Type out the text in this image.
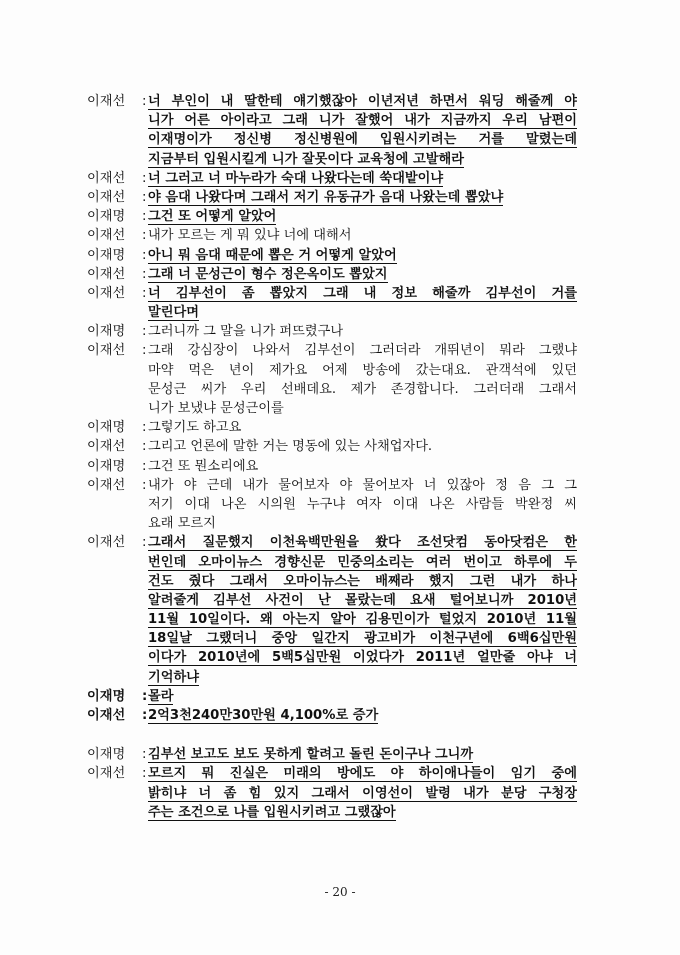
이재선	: 너 부인이 내 딸한테 얘기했잖아 이년저년 하면서 워딩 해줄께 야

니가 어른 아이라고 그래 니가 잘했어 내가 지금까지 우리 남편이

이재명이가 정신병 정신병원에 입원시키려는 거를 말렸는데

지금부터 입원시킬게 니가 잘못이다 교육청에 고발해라

이재선	: 너 그러고 너 마누라가 숙대 나왔다는데 쑥대밭이냐

이재선	: 야 음대 나왔다며 그래서 저기 유동규가 음대 나왔는데 뽑았냐

이재명	: 그건 또 어떻게 알았어

이재선	: 내가 모르는 게 뭐 있냐 너에 대해서

이재명	: 아니 뭐 음대 때문에 뽑은 거 어떻게 알았어

이재선	: 그래 너 문성근이 형수 정은옥이도 뽑았지

이재선	: 너 김부선이 좀 뽑았지 그래 내 정보 해줄까 김부선이 거를

말린다며

이재명	: 그러니까 그 말을 니가 퍼뜨렸구나

이재선	: 그래 강심장이 나와서 김부선이 그러더라 개뛰년이 뭐라 그랬냐

마약 먹은 년이 제가요 어제 방송에 갔는대요. 관객석에 있던

문성근 씨가 우리 선배데요. 제가 존경합니다. 그러더래 그래서

니가 보냈냐 문성근이를

이재명	: 그렇기도 하고요

이재선	: 그리고 언론에 말한 거는 명동에 있는 사채업자다.

이재명	: 그건 또 뭔소리에요

이재선	: 내가 야 근데 내가 물어보자 야 물어보자 너 있잖아 정 음 그 그

저기 이대 나온 시의원 누구냐 여자 이대 나온 사람들 박완정 씨

요래 모르지

이재선	: 그래서 질문했지 이천육백만원을 쐈다 조선닷컴 동아닷컴은 한

번인데 오마이뉴스 경향신문 민중의소리는 여러 번이고 하루에 두

건도 줬다 그래서 오마이뉴스는 배째라 했지 그런 내가 하나

알려줄게 김부선 사건이 난 몰랐는데 요새 털어보니까 2010년

11월 10일이다. 왜 아는지 알아 김용민이가 털었지 2010년 11월

18일날 그랬더니 중앙 일간지 광고비가 이천구년에 6백6십만원

이다가 2010년에 5백5십만원 이었다가 2011년 얼만줄 아냐 너

기억하냐

이재명	: 몰라

이재선	: 2억3천240만30만원 4,100%로 증가

이재명	: 김부선 보고도 보도 못하게 할려고 돌린 돈이구나 그니까

이재선	: 모르지 뭐 진실은 미래의 방에도 야 하이애나들이 임기 중에

밝히냐 너 좀 힘 있지 그래서 이영선이 발령 내가 분당 구청장

주는 조건으로 나를 입원시키려고 그랬잖아

- 20 -
